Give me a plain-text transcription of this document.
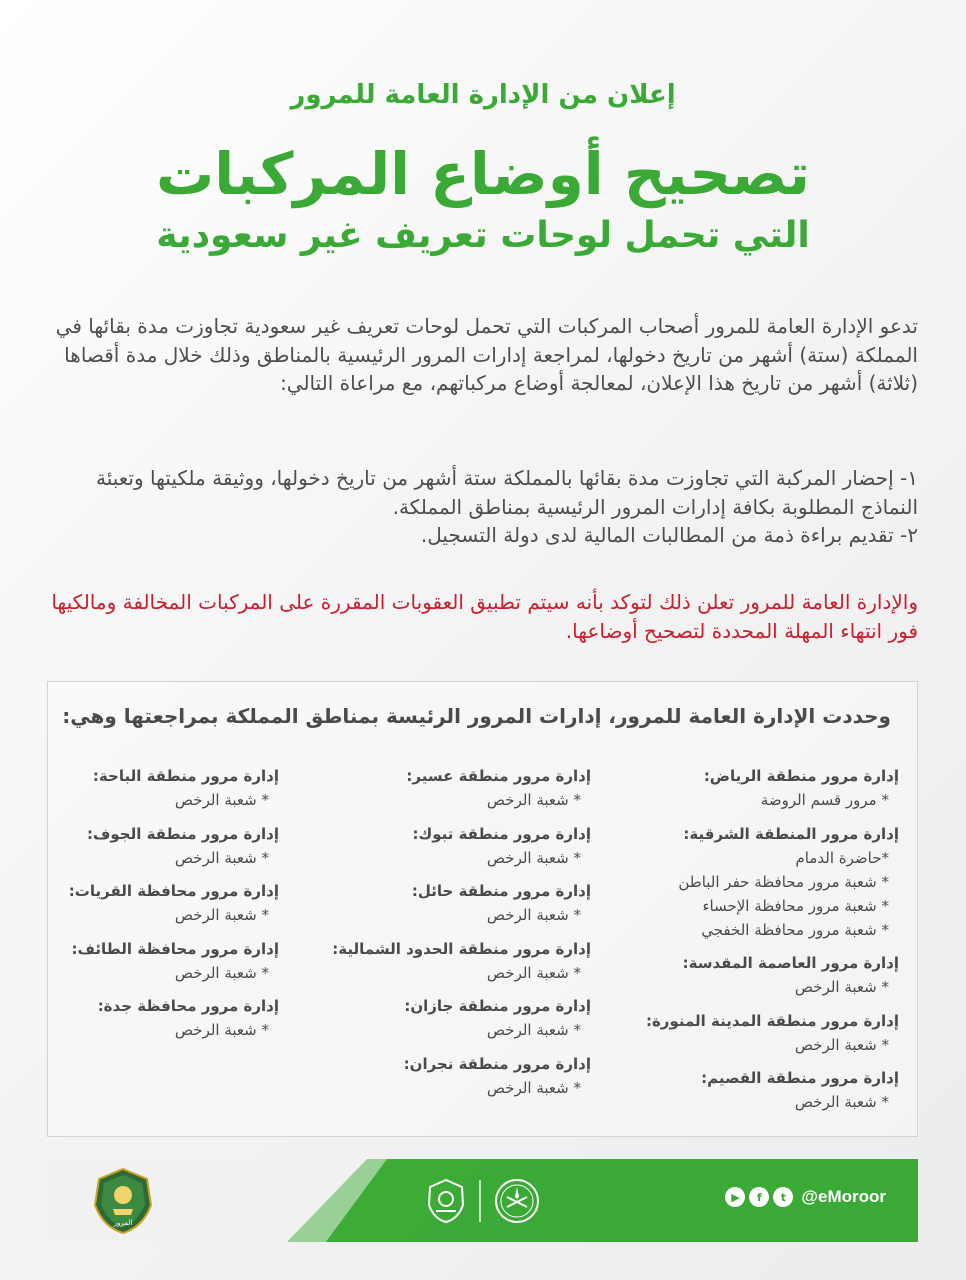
إعلان من الإدارة العامة للمرور
تصحيح أوضاع المركبات
التي تحمل لوحات تعريف غير سعودية
تدعو الإدارة العامة للمرور أصحاب المركبات التي تحمل لوحات تعريف غير سعودية تجاوزت مدة بقائها في المملكة (ستة) أشهر من تاريخ دخولها، لمراجعة إدارات المرور الرئيسية بالمناطق وذلك خلال مدة أقصاها (ثلاثة) أشهر من تاريخ هذا الإعلان، لمعالجة أوضاع مركباتهم، مع مراعاة التالي:

١- إحضار المركبة التي تجاوزت مدة بقائها بالمملكة ستة أشهر من تاريخ دخولها، ووثيقة ملكيتها وتعبئة النماذج المطلوبة بكافة إدارات المرور الرئيسية بمناطق المملكة.

٢- تقديم براءة ذمة من المطالبات المالية لدى دولة التسجيل.

والإدارة العامة للمرور تعلن ذلك لتوكد بأنه سيتم تطبيق العقوبات المقررة على المركبات المخالفة ومالكيها فور انتهاء المهلة المحددة لتصحيح أوضاعها.
وحددت الإدارة العامة للمرور، إدارات المرور الرئيسة بمناطق المملكة بمراجعتها وهي:
إدارة مرور منطقة الرياض:
* مرور قسم الروضة
إدارة مرور المنطقة الشرقية:
*حاضرة الدمام
* شعبة مرور محافظة حفر الباطن
* شعبة مرور محافظة الإحساء
* شعبة مرور محافظة الخفجي
إدارة مرور العاصمة المقدسة:
* شعبة الرخص
إدارة مرور منطقة المدينة المنورة:
* شعبة الرخص
إدارة مرور منطقة القصيم:
* شعبة الرخص
إدارة مرور منطقة عسير:
* شعبة الرخص
إدارة مرور منطقة تبوك:
* شعبة الرخص
إدارة مرور منطقة حائل:
* شعبة الرخص
إدارة مرور منطقة الحدود الشمالية:
* شعبة الرخص
إدارة مرور منطقة جازان:
* شعبة الرخص
إدارة مرور منطقة نجران:
* شعبة الرخص
إدارة مرور منطقة الباحة:
* شعبة الرخص
إدارة مرور منطقة الجوف:
* شعبة الرخص
إدارة مرور محافظة القريات:
* شعبة الرخص
إدارة مرور محافظة الطائف:
* شعبة الرخص
إدارة مرور محافظة جدة:
* شعبة الرخص
المرور
▶	f	t @eMoroor
